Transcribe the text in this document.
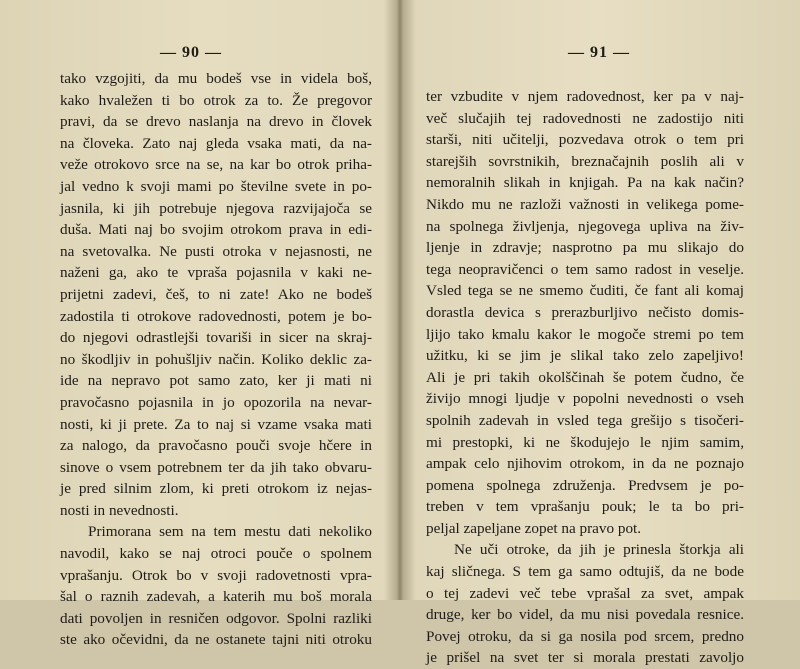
— 90 —
tako vzgojiti, da mu bodeš vse in videla boš,
kako hvaležen ti bo otrok za to. Že pregovor
pravi, da se drevo naslanja na drevo in človek
na človeka. Zato naj gleda vsaka mati, da na-
veže otrokovo srce na se, na kar bo otrok priha-
jal vedno k svoji mami po številne svete in po-
jasnila, ki jih potrebuje njegova razvijajoča se
duša. Mati naj bo svojim otrokom prava in edi-
na svetovalka. Ne pusti otroka v nejasnosti, ne
naženi ga, ako te vpraša pojasnila v kaki ne-
prijetni zadevi, češ, to ni zate! Ako ne bodeš
zadostila ti otrokove radovednosti, potem je bo-
do njegovi odrastlejši tovariši in sicer na skraj-
no škodljiv in pohušljiv način. Koliko deklic za-
ide na nepravo pot samo zato, ker ji mati ni
pravočasno pojasnila in jo opozorila na nevar-
nosti, ki ji prete. Za to naj si vzame vsaka mati
za nalogo, da pravočasno pouči svoje hčere in
sinove o vsem potrebnem ter da jih tako obvaru-
je pred silnim zlom, ki preti otrokom iz nejas-
nosti in nevednosti.
Primorana sem na tem mestu dati nekoliko
navodil, kako se naj otroci pouče o spolnem
vprašanju. Otrok bo v svoji radovetnosti vpra-
šal o raznih zadevah, a katerih mu boš morala
dati povoljen in resničen odgovor. Spolni razliki
ste ako očevidni, da ne ostanete tajni niti otroku
— 91 —
ter vzbudite v njem radovednost, ker pa v naj-
več slučajih tej radovednosti ne zadostijo niti
starši, niti učitelji, pozvedava otrok o tem pri
starejših sovrstnikih, breznačajnih poslih ali v
nemoralnih slikah in knjigah. Pa na kak način?
Nikdo mu ne razloži važnosti in velikega pome-
na spolnega življenja, njegovega upliva na živ-
ljenje in zdravje; nasprotno pa mu slikajo do
tega neopravičenci o tem samo radost in veselje.
Vsled tega se ne smemo čuditi, če fant ali komaj
dorastla devica s prerazburljivo nečisto domis-
ljijo tako kmalu kakor le mogoče stremi po tem
užitku, ki se jim je slikal tako zelo zapeljivo!
Ali je pri takih okolščinah še potem čudno, če
živijo mnogi ljudje v popolni nevednosti o vseh
spolnih zadevah in vsled tega grešijo s tisočeri-
mi prestopki, ki ne škodujejo le njim samim,
ampak celo njihovim otrokom, in da ne poznajo
pomena spolnega združenja. Predvsem je po-
treben v tem vprašanju pouk; le ta bo pri-
peljal zapeljane zopet na pravo pot.
Ne uči otroke, da jih je prinesla štorkja ali
kaj sličnega. S tem ga samo odtujiš, da ne bode
o tej zadevi več tebe vprašal za svet, ampak
druge, ker bo videl, da mu nisi povedala resnice.
Povej otroku, da si ga nosila pod srcem, predno
je prišel na svet ter si morala prestati zavoljo
